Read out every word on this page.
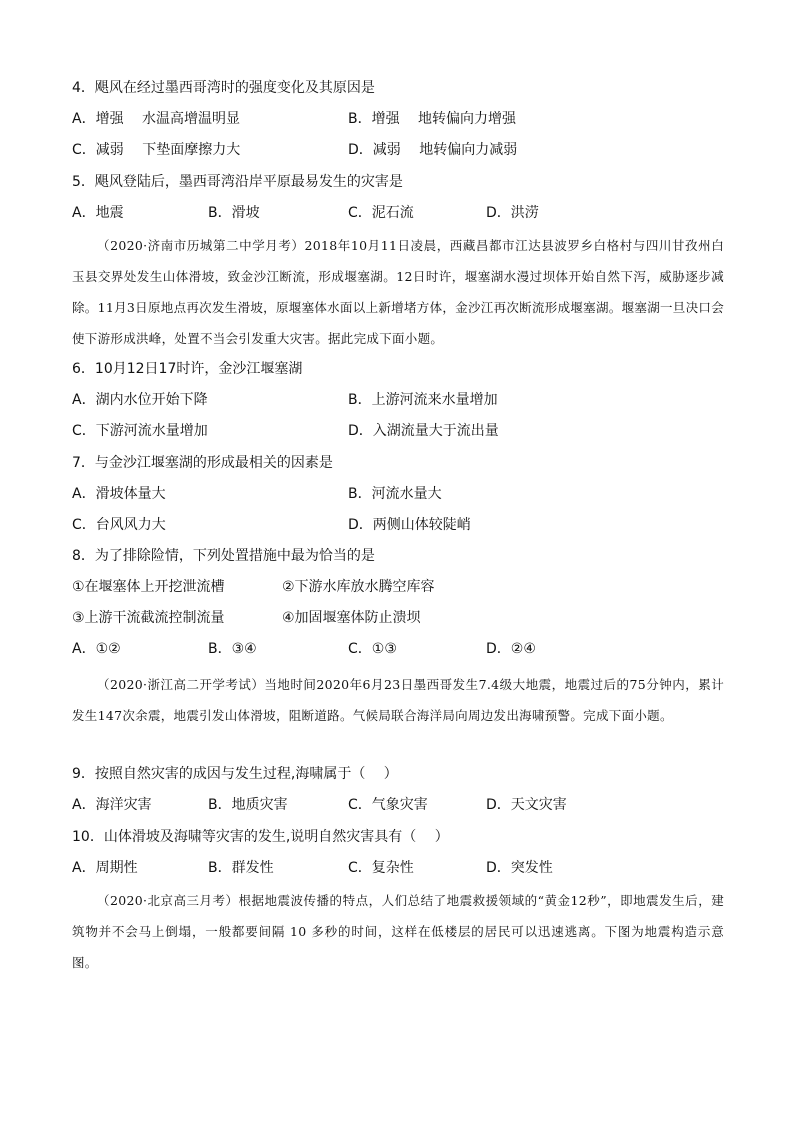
4．飓风在经过墨西哥湾时的强度变化及其原因是
A．增强　 水温高增温明显	B．增强　 地转偏向力增强
C．减弱　 下垫面摩擦力大	D．减弱　 地转偏向力减弱
5．飓风登陆后，墨西哥湾沿岸平原最易发生的灾害是
A．地震	B．滑坡	C．泥石流	D．洪涝
（2020·济南市历城第二中学月考）2018年10月11日凌晨，西藏昌都市江达县波罗乡白格村与四川甘孜州白玉县交界处发生山体滑坡，致金沙江断流，形成堰塞湖。12日时许，堰塞湖水漫过坝体开始自然下泻，威胁逐步减除。11月3日原地点再次发生滑坡，原堰塞体水面以上新增堵方体，金沙江再次断流形成堰塞湖。堰塞湖一旦决口会使下游形成洪峰，处置不当会引发重大灾害。据此完成下面小题。
6．10月12日17时许，金沙江堰塞湖
A．湖内水位开始下降	B．上游河流来水量增加
C．下游河流水量增加	D．入湖流量大于流出量
7．与金沙江堰塞湖的形成最相关的因素是
A．滑坡体量大	B．河流水量大
C．台风风力大	D．两侧山体较陡峭
8．为了排除险情，下列处置措施中最为恰当的是
①在堰塞体上开挖泄流槽	②下游水库放水腾空库容
③上游干流截流控制流量	④加固堰塞体防止溃坝
A．①②	B．③④	C．①③	D．②④
（2020·浙江高二开学考试）当地时间2020年6月23日墨西哥发生7.4级大地震，地震过后的75分钟内，累计发生147次余震，地震引发山体滑坡，阻断道路。气候局联合海洋局向周边发出海啸预警。完成下面小题。
9．按照自然灾害的成因与发生过程,海啸属于（　 ）
A．海洋灾害	B．地质灾害	C．气象灾害	D．天文灾害
10．山体滑坡及海啸等灾害的发生,说明自然灾害具有（　 ）
A．周期性	B．群发性	C．复杂性	D．突发性
（2020·北京高三月考）根据地震波传播的特点，人们总结了地震救援领域的“黄金12秒”，即地震发生后，建筑物并不会马上倒塌，一般都要间隔 10 多秒的时间，这样在低楼层的居民可以迅速逃离。下图为地震构造示意图。
